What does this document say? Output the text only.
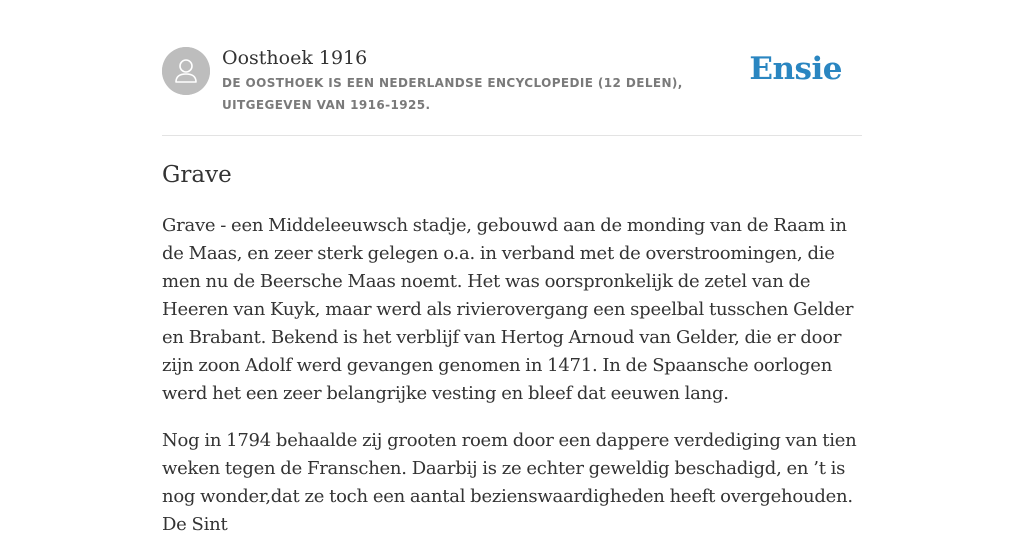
Oosthoek 1916

DE OOSTHOEK IS EEN NEDERLANDSE ENCYCLOPEDIE (12 DELEN), UITGEGEVEN VAN 1916-1925.

Ensie
Grave

Grave - een Middeleeuwsch stadje, gebouwd aan de monding van de Raam in de Maas, en zeer sterk gelegen o.a. in verband met de overstroomingen, die men nu de Beersche Maas noemt. Het was oorspronkelijk de zetel van de Heeren van Kuyk, maar werd als rivierovergang een speelbal tusschen Gelder en Brabant. Bekend is het verblijf van Hertog Arnoud van Gelder, die er door zijn zoon Adolf werd gevangen genomen in 1471. In de Spaansche oorlogen werd het een zeer belangrijke vesting en bleef dat eeuwen lang.

Nog in 1794 behaalde zij grooten roem door een dappere verdediging van tien weken tegen de Franschen. Daarbij is ze echter geweldig beschadigd, en ’t is nog wonder,dat ze toch een aantal bezienswaardigheden heeft overgehouden. De Sint
